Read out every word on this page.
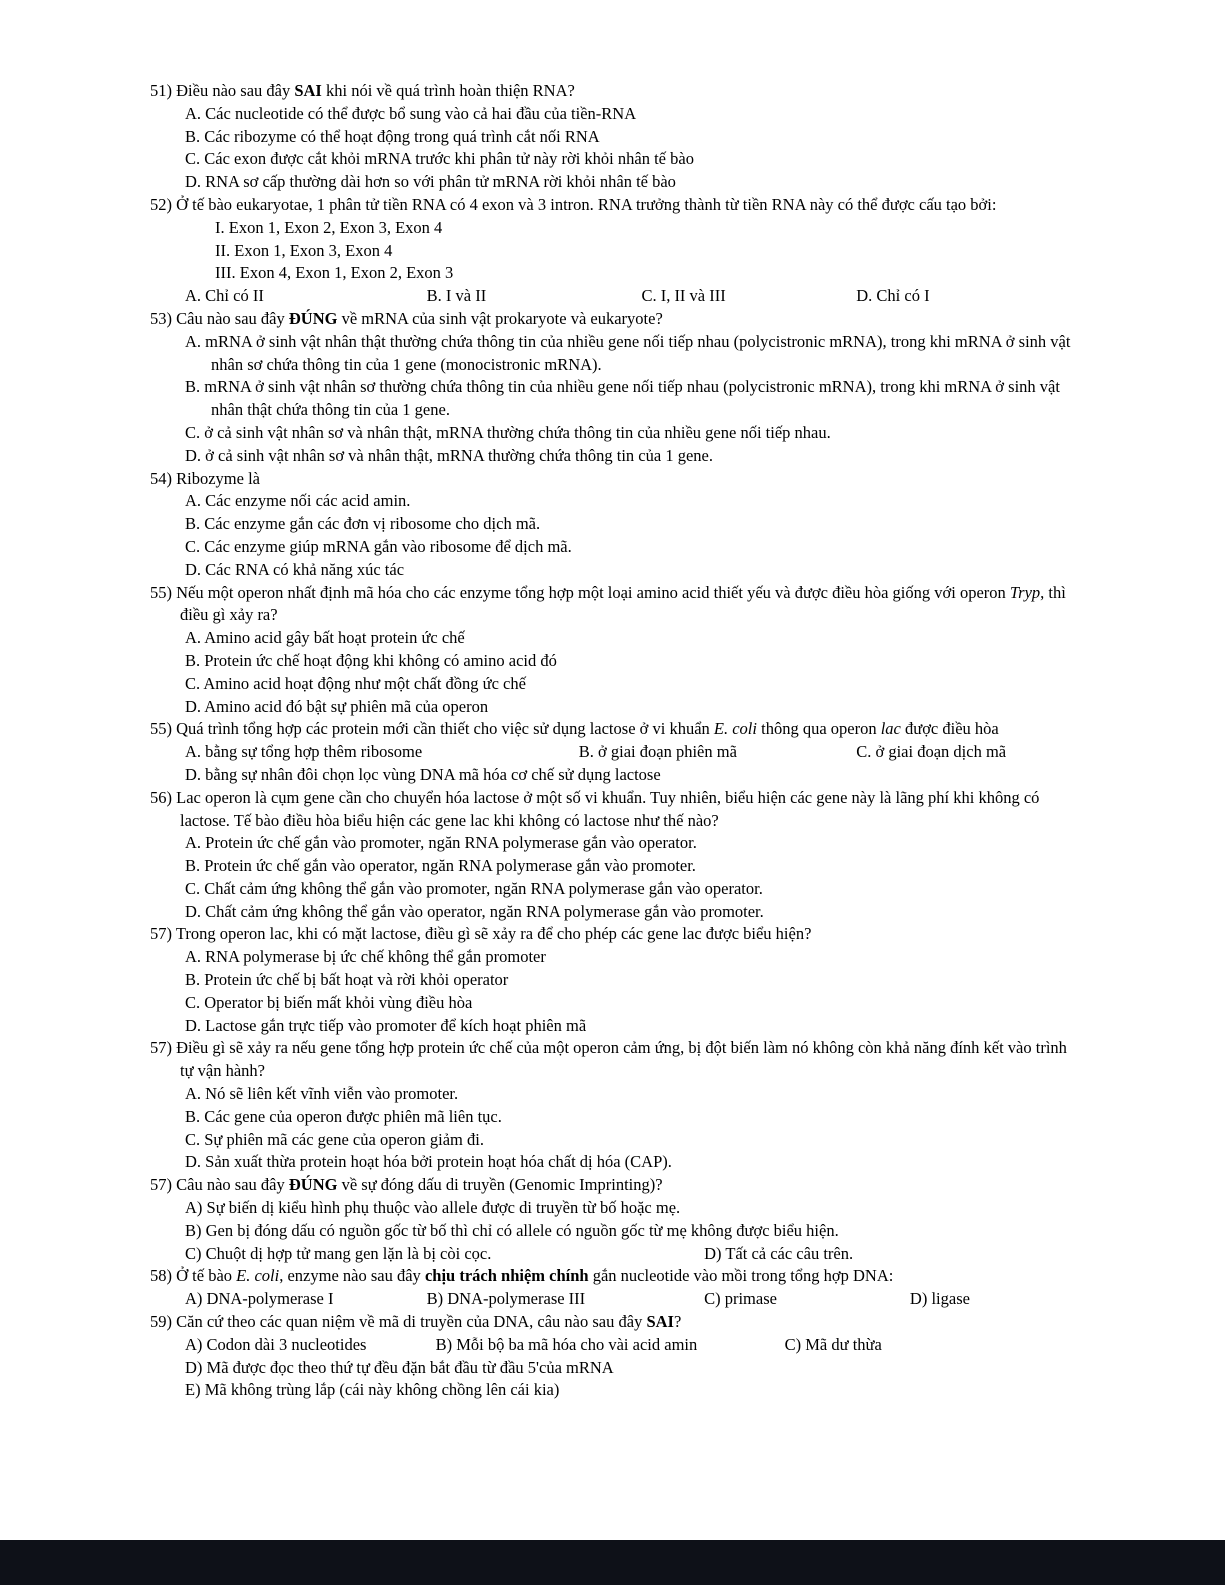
51) Điều nào sau đây SAI khi nói về quá trình hoàn thiện RNA?
A. Các nucleotide có thể được bổ sung vào cả hai đầu của tiền-RNA
B. Các ribozyme có thể hoạt động trong quá trình cắt nối RNA
C. Các exon được cắt khỏi mRNA trước khi phân tử này rời khỏi nhân tế bào
D. RNA sơ cấp thường dài hơn so với phân tử mRNA rời khỏi nhân tế bào
52) Ở tế bào eukaryotae, 1 phân tử tiền RNA có 4 exon và 3 intron. RNA trưởng thành từ tiền RNA này có thể được cấu tạo bởi:
I. Exon 1, Exon 2, Exon 3, Exon 4
II. Exon 1, Exon 3, Exon 4
III. Exon 4, Exon 1, Exon 2, Exon 3
A. Chỉ có II	B. I và II	C. I, II và III	D. Chỉ có I
53) Câu nào sau đây ĐÚNG về mRNA của sinh vật prokaryote và eukaryote?
A. mRNA ở sinh vật nhân thật thường chứa thông tin của nhiều gene nối tiếp nhau (polycistronic mRNA), trong khi mRNA ở sinh vật nhân sơ chứa thông tin của 1 gene (monocistronic mRNA).
B. mRNA ở sinh vật nhân sơ thường chứa thông tin của nhiều gene nối tiếp nhau (polycistronic mRNA), trong khi mRNA ở sinh vật nhân thật chứa thông tin của 1 gene.
C. ở cả sinh vật nhân sơ và nhân thật, mRNA thường chứa thông tin của nhiều gene nối tiếp nhau.
D. ở cả sinh vật nhân sơ và nhân thật, mRNA thường chứa thông tin của 1 gene.
54) Ribozyme là
A. Các enzyme nối các acid amin.
B. Các enzyme gắn các đơn vị ribosome cho dịch mã.
C. Các enzyme giúp mRNA gắn vào ribosome để dịch mã.
D. Các RNA có khả năng xúc tác
55) Nếu một operon nhất định mã hóa cho các enzyme tổng hợp một loại amino acid thiết yếu và được điều hòa giống với operon Tryp, thì điều gì xảy ra?
A. Amino acid gây bất hoạt protein ức chế
B. Protein ức chế hoạt động khi không có amino acid đó
C. Amino acid hoạt động như một chất đồng ức chế
D. Amino acid đó bật sự phiên mã của operon
55) Quá trình tổng hợp các protein mới cần thiết cho việc sử dụng lactose ở vi khuẩn E. coli thông qua operon lac được điều hòa
A. bằng sự tổng hợp thêm ribosome	B. ở giai đoạn phiên mã	C. ở giai đoạn dịch mã
D. bằng sự nhân đôi chọn lọc vùng DNA mã hóa cơ chế sử dụng lactose
56) Lac operon là cụm gene cần cho chuyển hóa lactose ở một số vi khuẩn. Tuy nhiên, biểu hiện các gene này là lãng phí khi không có lactose. Tế bào điều hòa biểu hiện các gene lac khi không có lactose như thế nào?
A. Protein ức chế gắn vào promoter, ngăn RNA polymerase gắn vào operator.
B. Protein ức chế gắn vào operator, ngăn RNA polymerase gắn vào promoter.
C. Chất cảm ứng không thể gắn vào promoter, ngăn RNA polymerase gắn vào operator.
D. Chất cảm ứng không thể gắn vào operator, ngăn RNA polymerase gắn vào promoter.
57) Trong operon lac, khi có mặt lactose, điều gì sẽ xảy ra để cho phép các gene lac được biểu hiện?
A. RNA polymerase bị ức chế không thể gắn promoter
B. Protein ức chế bị bất hoạt và rời khỏi operator
C. Operator bị biến mất khỏi vùng điều hòa
D. Lactose gắn trực tiếp vào promoter để kích hoạt phiên mã
57) Điều gì sẽ xảy ra nếu gene tổng hợp protein ức chế của một operon cảm ứng, bị đột biến làm nó không còn khả năng đính kết vào trình tự vận hành?
A. Nó sẽ liên kết vĩnh viễn vào promoter.
B. Các gene của operon được phiên mã liên tục.
C. Sự phiên mã các gene của operon giảm đi.
D. Sản xuất thừa protein hoạt hóa bởi protein hoạt hóa chất dị hóa (CAP).
57) Câu nào sau đây ĐÚNG về sự đóng dấu di truyền (Genomic Imprinting)?
A) Sự biến dị kiểu hình phụ thuộc vào allele được di truyền từ bố hoặc mẹ.
B) Gen bị đóng dấu có nguồn gốc từ bố thì chỉ có allele có nguồn gốc từ mẹ không được biểu hiện.
C) Chuột dị hợp tử mang gen lặn là bị còi cọc.	D) Tất cả các câu trên.
58) Ở tế bào E. coli, enzyme nào sau đây chịu trách nhiệm chính gắn nucleotide vào mồi trong tổng hợp DNA:
A) DNA-polymerase I	B) DNA-polymerase III	C) primase	D) ligase
59) Căn cứ theo các quan niệm về mã di truyền của DNA, câu nào sau đây SAI?
A) Codon dài 3 nucleotides	B) Mỗi bộ ba mã hóa cho vài acid amin	C) Mã dư thừa
D) Mã được đọc theo thứ tự đều đặn bắt đầu từ đầu 5'của mRNA
E) Mã không trùng lắp (cái này không chồng lên cái kia)
